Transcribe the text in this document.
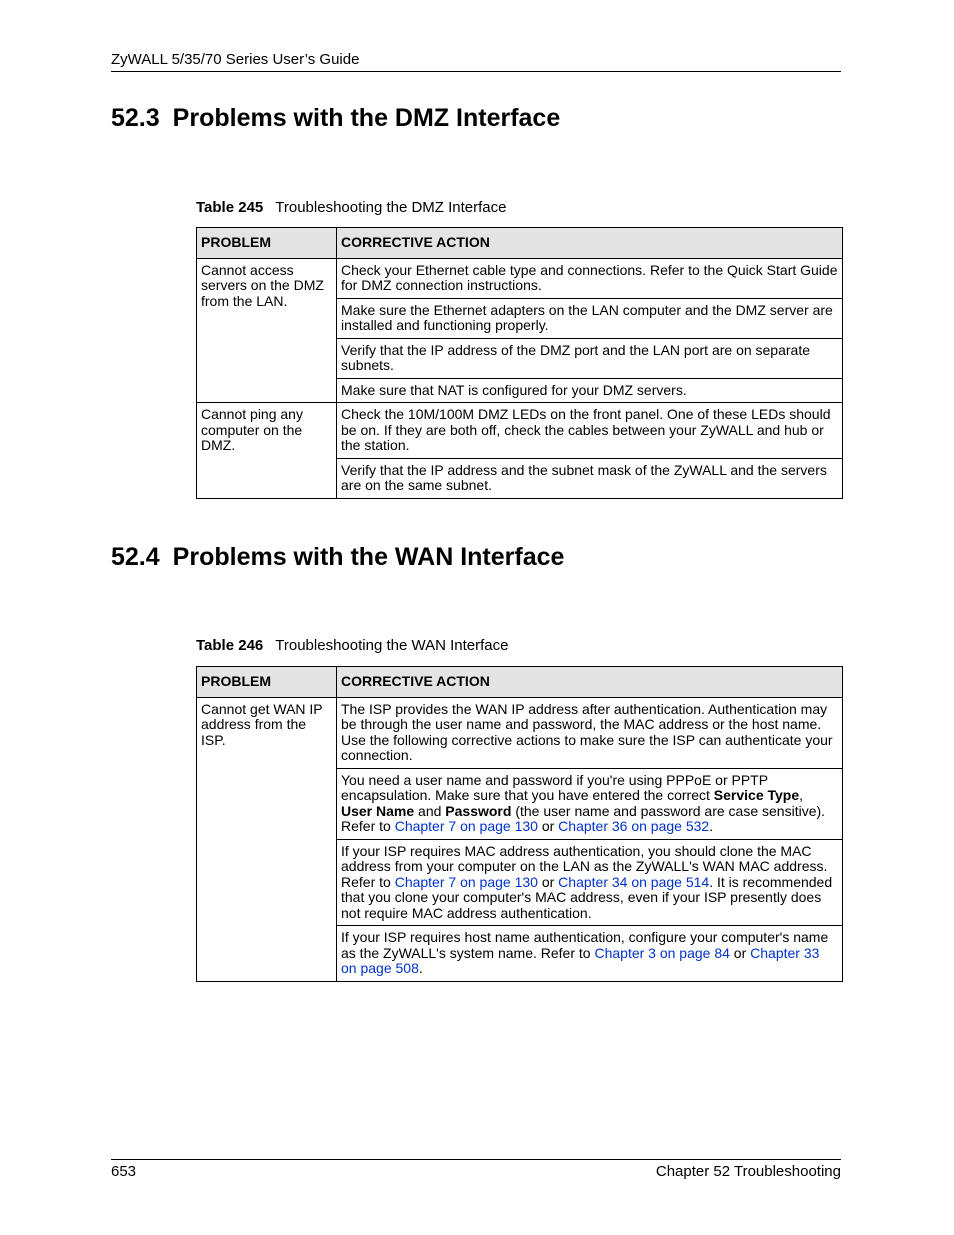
ZyWALL 5/35/70 Series User’s Guide
52.3 Problems with the DMZ Interface
Table 245 Troubleshooting the DMZ Interface
PROBLEM	CORRECTIVE ACTION
Cannot access servers on the DMZ from the LAN.	Check your Ethernet cable type and connections. Refer to the Quick Start Guide for DMZ connection instructions.
	Make sure the Ethernet adapters on the LAN computer and the DMZ server are installed and functioning properly.
	Verify that the IP address of the DMZ port and the LAN port are on separate subnets.
	Make sure that NAT is configured for your DMZ servers.
Cannot ping any computer on the DMZ.	Check the 10M/100M DMZ LEDs on the front panel. One of these LEDs should be on. If they are both off, check the cables between your ZyWALL and hub or the station.
	Verify that the IP address and the subnet mask of the ZyWALL and the servers are on the same subnet.
52.4 Problems with the WAN Interface
Table 246 Troubleshooting the WAN Interface
PROBLEM	CORRECTIVE ACTION
Cannot get WAN IP address from the ISP.	The ISP provides the WAN IP address after authentication. Authentication may be through the user name and password, the MAC address or the host name. Use the following corrective actions to make sure the ISP can authenticate your connection.
	You need a user name and password if you're using PPPoE or PPTP encapsulation. Make sure that you have entered the correct Service Type, User Name and Password (the user name and password are case sensitive). Refer to Chapter 7 on page 130 or Chapter 36 on page 532.
	If your ISP requires MAC address authentication, you should clone the MAC address from your computer on the LAN as the ZyWALL's WAN MAC address. Refer to Chapter 7 on page 130 or Chapter 34 on page 514. It is recommended that you clone your computer's MAC address, even if your ISP presently does not require MAC address authentication.
	If your ISP requires host name authentication, configure your computer's name as the ZyWALL's system name. Refer to Chapter 3 on page 84 or Chapter 33 on page 508.
653	Chapter 52 Troubleshooting
